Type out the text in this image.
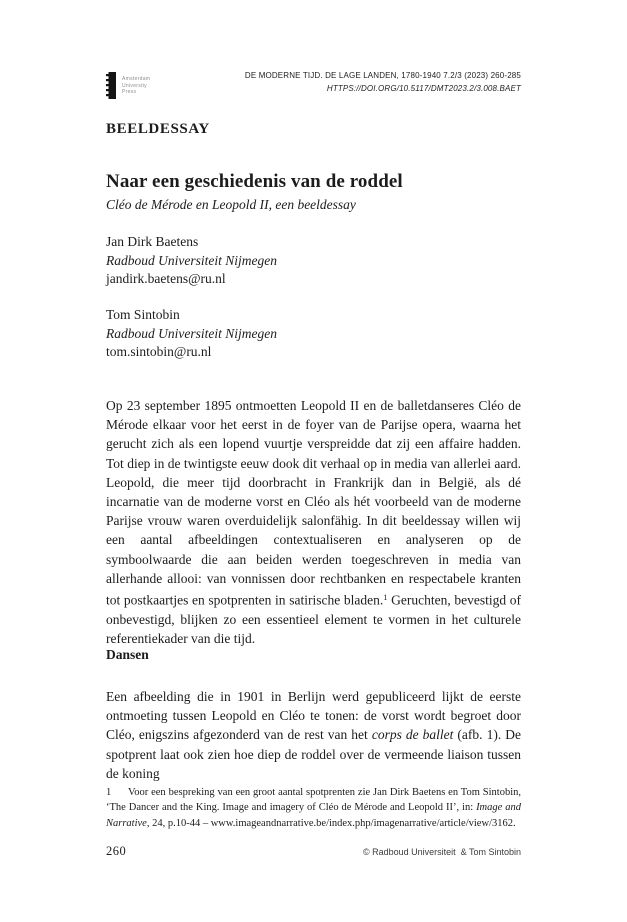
Amsterdam
University
Press
DE MODERNE TIJD. DE LAGE LANDEN, 1780-1940 7.2/3 (2023) 260-285
HTTPS://DOI.ORG/10.5117/DMT2023.2/3.008.BAET
BEELDESSAY
Naar een geschiedenis van de roddel
Cléo de Mérode en Leopold II, een beeldessay
Jan Dirk Baetens
Radboud Universiteit Nijmegen
jandirk.baetens@ru.nl
Tom Sintobin
Radboud Universiteit Nijmegen
tom.sintobin@ru.nl

Op 23 september 1895 ontmoetten Leopold II en de balletdanseres Cléo de Mérode elkaar voor het eerst in de foyer van de Parijse opera, waarna het gerucht zich als een lopend vuurtje verspreidde dat zij een affaire hadden. Tot diep in de twintigste eeuw dook dit verhaal op in media van allerlei aard. Leopold, die meer tijd doorbracht in Frankrijk dan in België, als dé incarnatie van de moderne vorst en Cléo als hét voorbeeld van de moderne Parijse vrouw waren overduidelijk salonfähig. In dit beeldessay willen wij een aantal afbeeldingen contextualiseren en analyseren op de symboolwaarde die aan beiden werden toegeschreven in media van allerhande allooi: van vonnissen door rechtbanken en respectabele kranten tot postkaartjes en spotprenten in satirische bladen.$^1$ Geruchten, bevestigd of onbevestigd, blijken zo een essentieel element te vormen in het culturele referentiekader van die tijd.

Dansen

Een afbeelding die in 1901 in Berlijn werd gepubliceerd lijkt de eerste ontmoeting tussen Leopold en Cléo te tonen: de vorst wordt begroet door Cléo, enigszins afgezonderd van de rest van het corps de ballet (afb. 1). De spotprent laat ook zien hoe diep de roddel over de vermeende liaison tussen de koning

1 Voor een bespreking van een groot aantal spotprenten zie Jan Dirk Baetens en Tom Sintobin, ‘The Dancer and the King. Image and imagery of Cléo de Mérode and Leopold II’, in: Image and Narrative, 24, p.10-44 – www.imageandnarrative.be/index.php/imagenarrative/article/view/3162.

260	© Radboud Universiteit  & Tom Sintobin
